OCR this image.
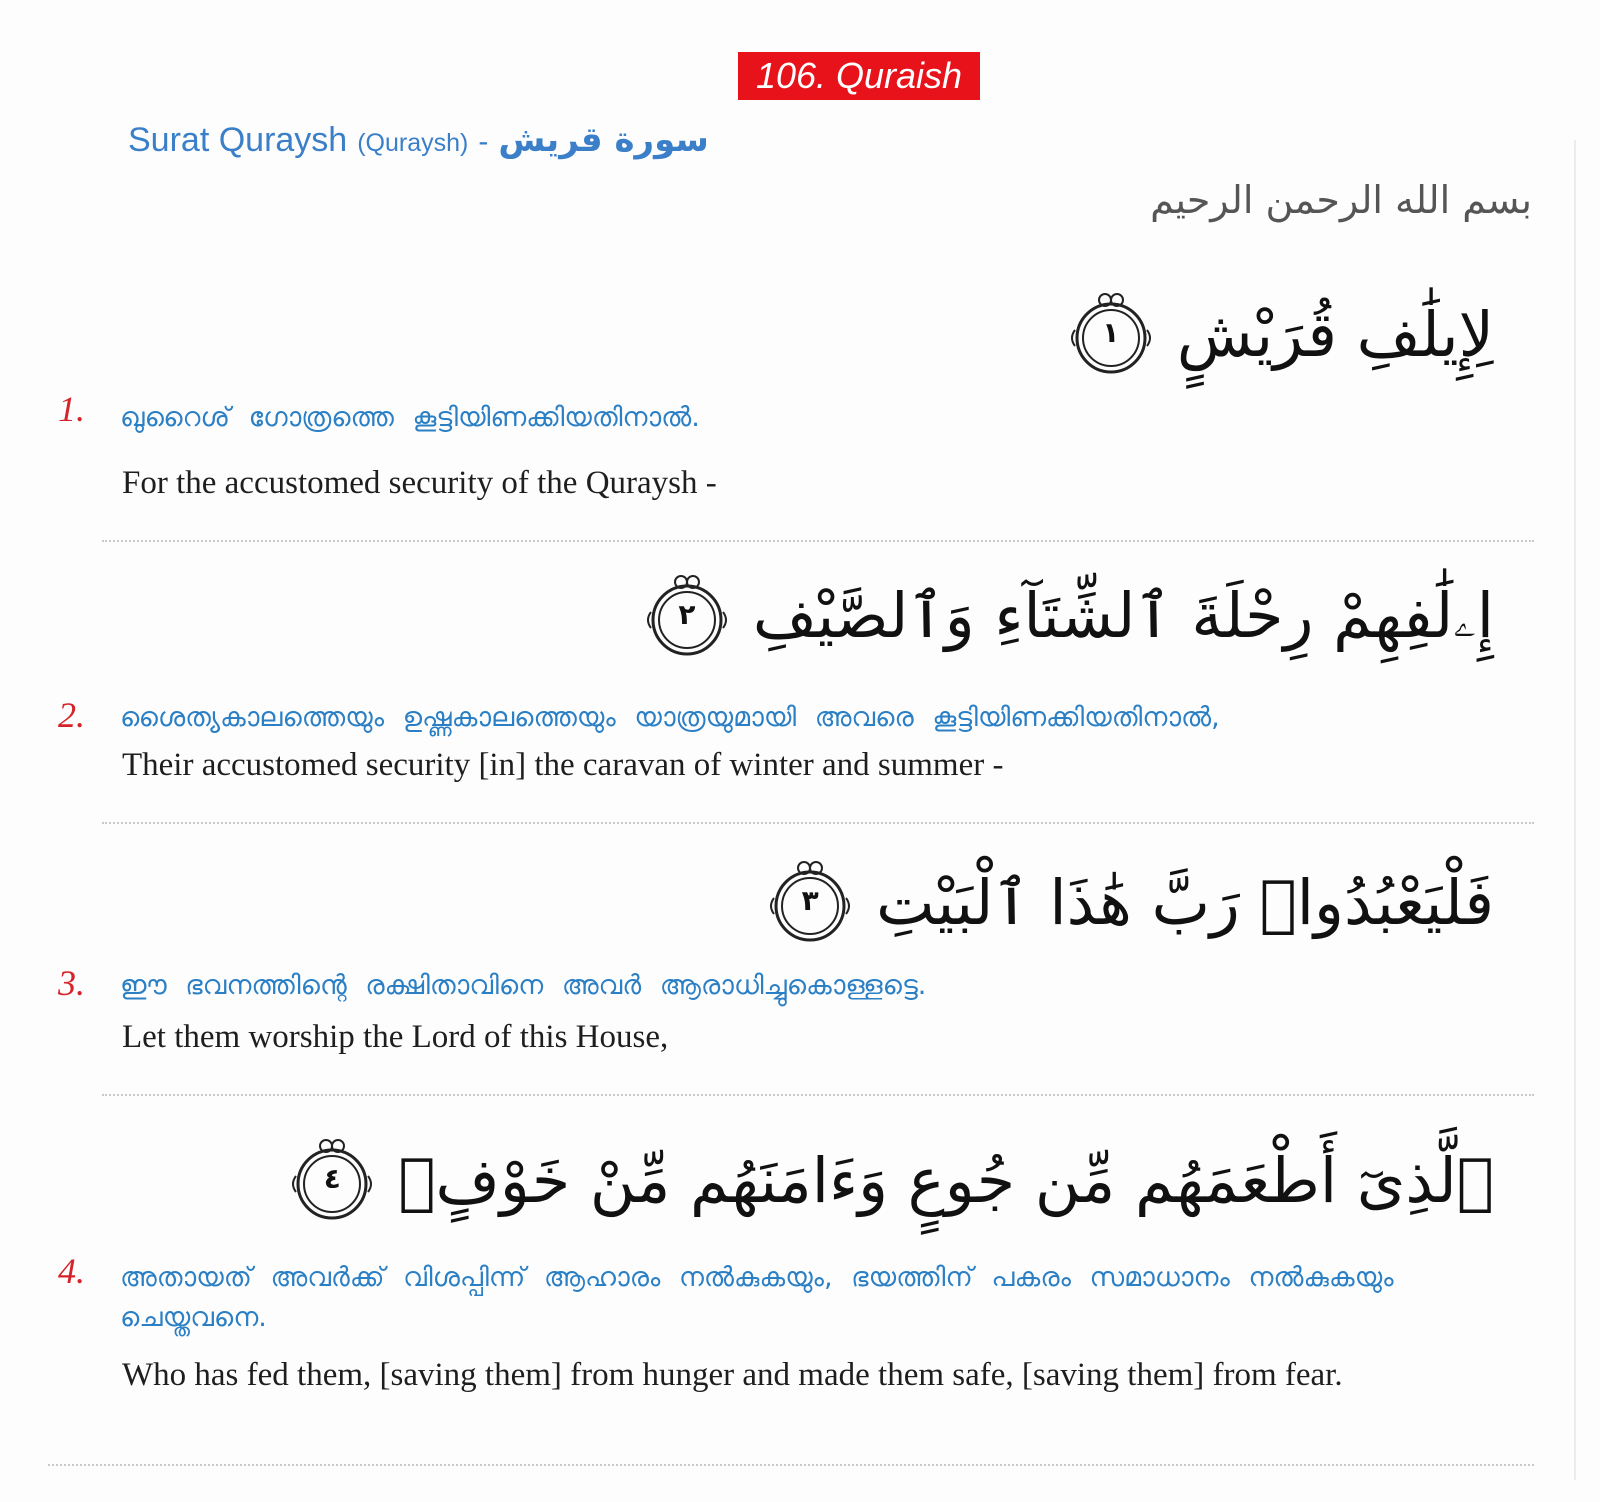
106. Quraish
Surat Quraysh (Quraysh) - سورة قريش
بسم الله الرحمن الرحيم
لِإِيلَٰفِ قُرَيْشٍ
١
1. ഖുറൈശ് ഗോത്രത്തെ കൂട്ടിയിണക്കിയതിനാൽ.
For the accustomed security of the Quraysh -
إِۦلَٰفِهِمْ رِحْلَةَ ٱلشِّتَآءِ وَٱلصَّيْفِ
٢
2. ശൈത്യകാലത്തെയും ഉഷ്ണകാലത്തെയും യാത്രയുമായി അവരെ കൂട്ടിയിണക്കിയതിനാൽ,
Their accustomed security [in] the caravan of winter and summer -
فَلْيَعْبُدُوا۟ رَبَّ هَٰذَا ٱلْبَيْتِ
٣
3. ഈ ഭവനത്തിന്റെ രക്ഷിതാവിനെ അവർ ആരാധിച്ചുകൊള്ളട്ടെ.
Let them worship the Lord of this House,
ٱلَّذِىٓ أَطْعَمَهُم مِّن جُوعٍ وَءَامَنَهُم مِّنْ خَوْفٍۭ
٤
4. അതായത് അവർക്ക് വിശപ്പിന്ന് ആഹാരം നൽകുകയും, ഭയത്തിന് പകരം സമാധാനം നൽകുകയും ചെയ്തവനെ.
Who has fed them, [saving them] from hunger and made them safe, [saving them] from fear.
